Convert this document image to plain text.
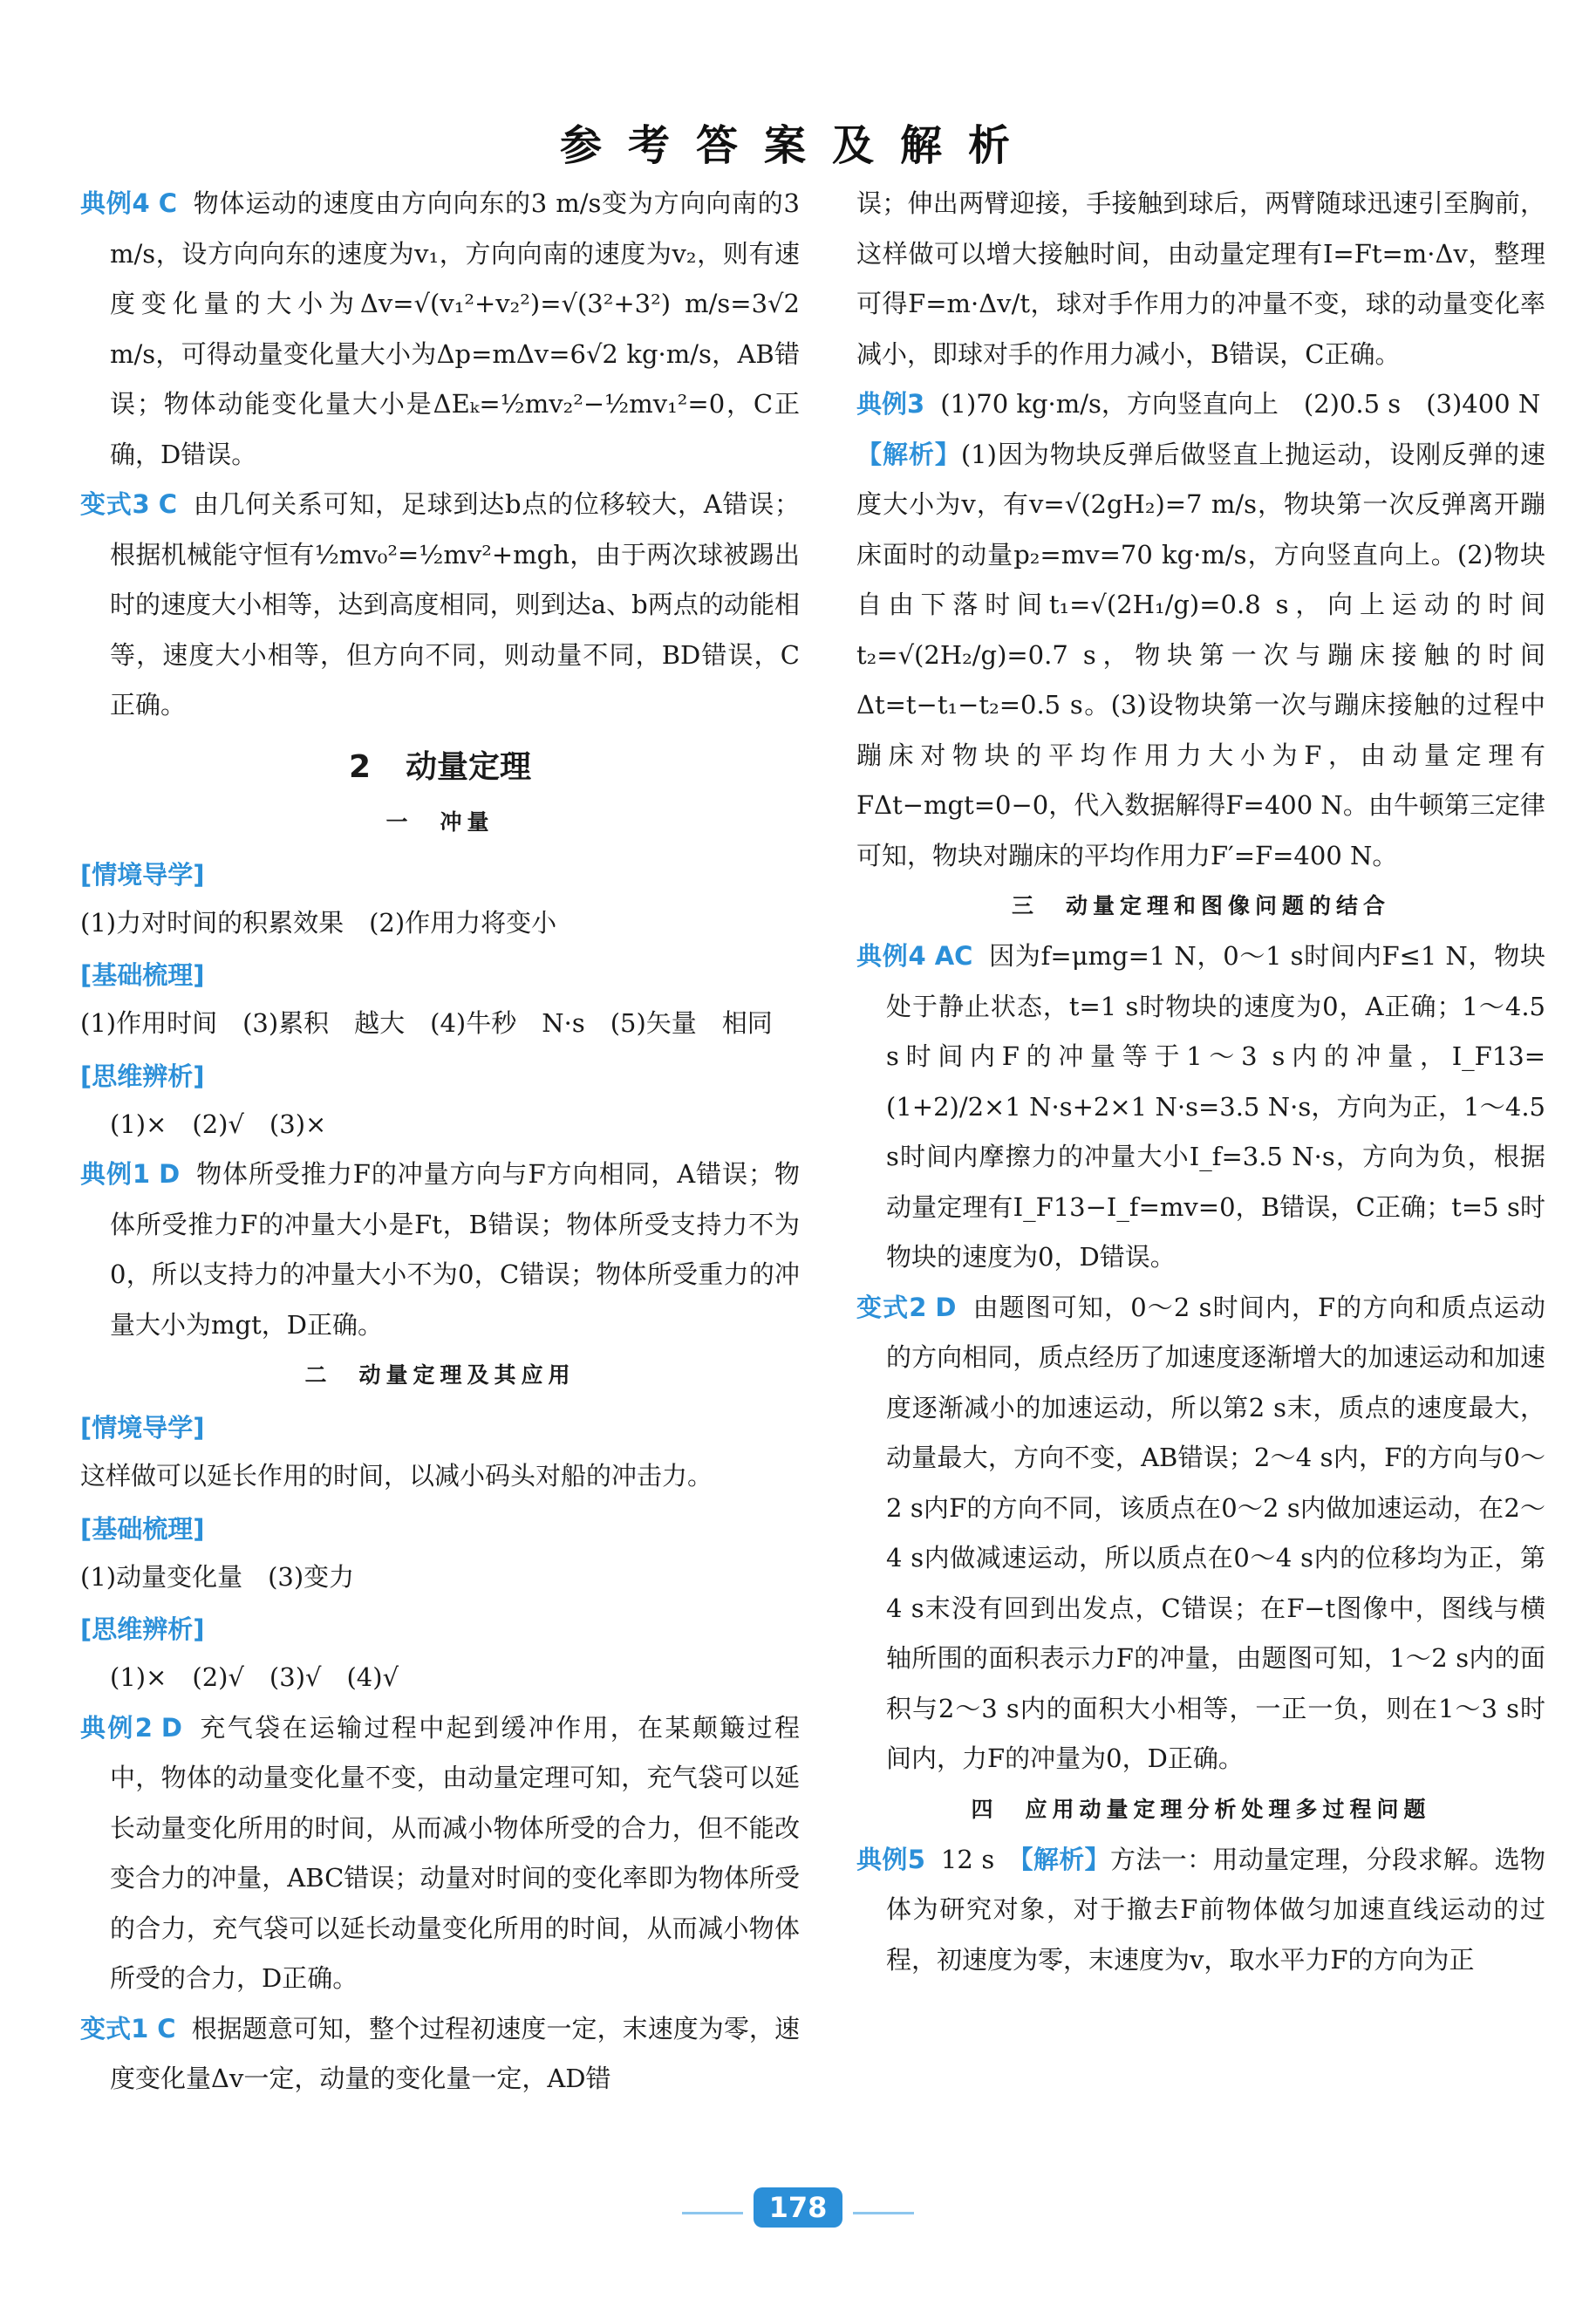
参考答案及解析

典例4 C 物体运动的速度由方向向东的3 m/s变为方向向南的3 m/s，设方向向东的速度为v₁，方向向南的速度为v₂，则有速度变化量的大小为Δv=√(v₁²+v₂²)=√(3²+3²) m/s=3√2 m/s，可得动量变化量大小为Δp=mΔv=6√2 kg·m/s，AB错误；物体动能变化量大小是ΔEₖ=½mv₂²−½mv₁²=0，C正确，D错误。

变式3 C 由几何关系可知，足球到达b点的位移较大，A错误；根据机械能守恒有½mv₀²=½mv²+mgh，由于两次球被踢出时的速度大小相等，达到高度相同，则到达a、b两点的动能相等，速度大小相等，但方向不同，则动量不同，BD错误，C正确。

2 动量定理

一　冲量

[情境导学]

(1)力对时间的积累效果　(2)作用力将变小

[基础梳理]

(1)作用时间　(3)累积　越大　(4)牛秒　N·s　(5)矢量　相同

[思维辨析]

(1)×　(2)√　(3)×

典例1 D 物体所受推力F的冲量方向与F方向相同，A错误；物体所受推力F的冲量大小是Ft，B错误；物体所受支持力不为0，所以支持力的冲量大小不为0，C错误；物体所受重力的冲量大小为mgt，D正确。

二　动量定理及其应用

[情境导学]

这样做可以延长作用的时间，以减小码头对船的冲击力。

[基础梳理]

(1)动量变化量　(3)变力

[思维辨析]

(1)×　(2)√　(3)√　(4)√

典例2 D 充气袋在运输过程中起到缓冲作用，在某颠簸过程中，物体的动量变化量不变，由动量定理可知，充气袋可以延长动量变化所用的时间，从而减小物体所受的合力，但不能改变合力的冲量，ABC错误；动量对时间的变化率即为物体所受的合力，充气袋可以延长动量变化所用的时间，从而减小物体所受的合力，D正确。

变式1 C 根据题意可知，整个过程初速度一定，末速度为零，速度变化量Δv一定，动量的变化量一定，AD错

误；伸出两臂迎接，手接触到球后，两臂随球迅速引至胸前，这样做可以增大接触时间，由动量定理有I=Ft=m·Δv，整理可得F=m·Δv/t，球对手作用力的冲量不变，球的动量变化率减小，即球对手的作用力减小，B错误，C正确。

典例3 (1)70 kg·m/s，方向竖直向上　(2)0.5 s　(3)400 N

【解析】(1)因为物块反弹后做竖直上抛运动，设刚反弹的速度大小为v，有v=√(2gH₂)=7 m/s，物块第一次反弹离开蹦床面时的动量p₂=mv=70 kg·m/s，方向竖直向上。(2)物块自由下落时间t₁=√(2H₁/g)=0.8 s，向上运动的时间t₂=√(2H₂/g)=0.7 s，物块第一次与蹦床接触的时间Δt=t−t₁−t₂=0.5 s。(3)设物块第一次与蹦床接触的过程中蹦床对物块的平均作用力大小为F，由动量定理有FΔt−mgt=0−0，代入数据解得F=400 N。由牛顿第三定律可知，物块对蹦床的平均作用力F′=F=400 N。

三　动量定理和图像问题的结合

典例4 AC 因为f=μmg=1 N，0～1 s时间内F≤1 N，物块处于静止状态，t=1 s时物块的速度为0，A正确；1～4.5 s时间内F的冲量等于1～3 s内的冲量，I_F13=(1+2)/2×1 N·s+2×1 N·s=3.5 N·s，方向为正，1～4.5 s时间内摩擦力的冲量大小I_f=3.5 N·s，方向为负，根据动量定理有I_F13−I_f=mv=0，B错误，C正确；t=5 s时物块的速度为0，D错误。

变式2 D 由题图可知，0～2 s时间内，F的方向和质点运动的方向相同，质点经历了加速度逐渐增大的加速运动和加速度逐渐减小的加速运动，所以第2 s末，质点的速度最大，动量最大，方向不变，AB错误；2～4 s内，F的方向与0～2 s内F的方向不同，该质点在0～2 s内做加速运动，在2～4 s内做减速运动，所以质点在0～4 s内的位移均为正，第4 s末没有回到出发点，C错误；在F−t图像中，图线与横轴所围的面积表示力F的冲量，由题图可知，1～2 s内的面积与2～3 s内的面积大小相等，一正一负，则在1～3 s时间内，力F的冲量为0，D正确。

四　应用动量定理分析处理多过程问题

典例5 12 s　 【解析】方法一：用动量定理，分段求解。选物体为研究对象，对于撤去F前物体做匀加速直线运动的过程，初速度为零，末速度为v，取水平力F的方向为正

178
